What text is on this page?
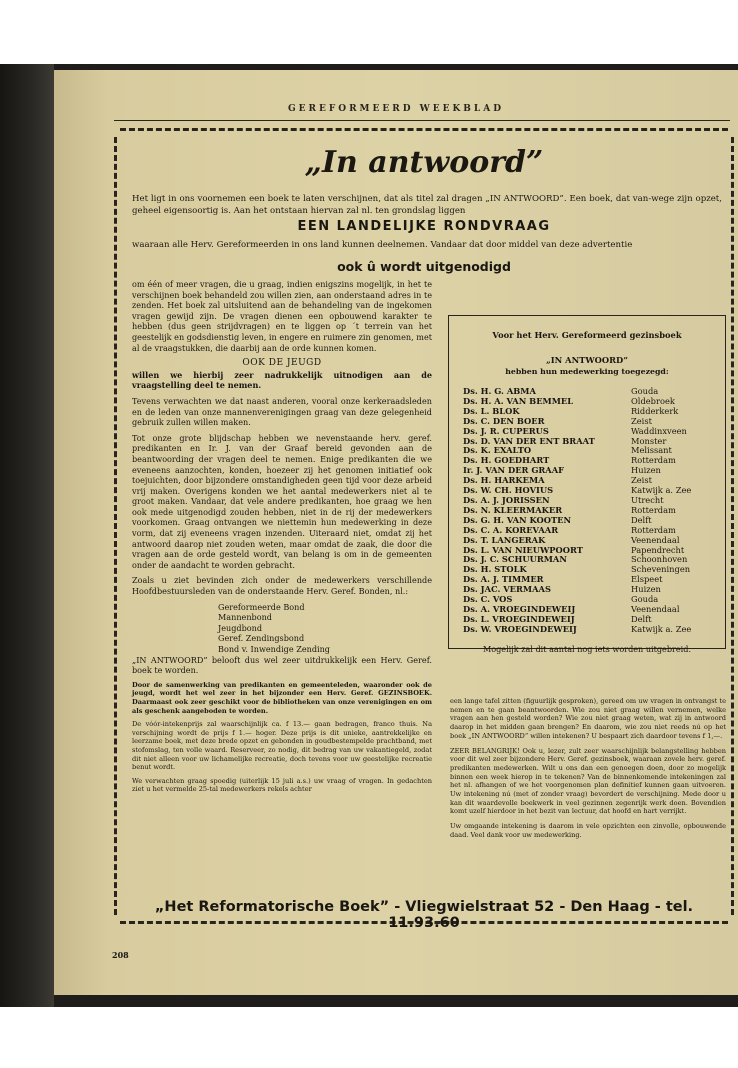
GEREFORMEERD WEEKBLAD
„In antwoord”
Het ligt in ons voornemen een boek te laten verschijnen, dat als titel zal dragen „IN ANTWOORD”. Een boek, dat van-wege zijn opzet, geheel eigensoortig is. Aan het ontstaan hiervan zal nl. ten grondslag liggen
EEN LANDELIJKE RONDVRAAG
waaraan alle Herv. Gereformeerden in ons land kunnen deelnemen. Vandaar dat door middel van deze advertentie
ook û wordt uitgenodigd

om één of meer vragen, die u graag, indien enigszins mogelijk, in het te verschijnen boek behandeld zou willen zien, aan onderstaand adres in te zenden. Het boek zal uitsluitend aan de behandeling van de ingekomen vragen gewijd zijn. De vragen dienen een opbouwend karakter te hebben (dus geen strijdvragen) en te liggen op ´t terrein van het geestelijk en godsdienstig leven, in engere en ruimere zin genomen, met al de vraagstukken, die daarbij aan de orde kunnen komen.

OOK DE JEUGD

willen we hierbij zeer nadrukkelijk uitnodigen aan de vraagstelling deel te nemen.

Tevens verwachten we dat naast anderen, vooral onze kerkeraadsleden en de leden van onze mannenverenigingen graag van deze gelegenheid gebruik zullen willen maken.

Tot onze grote blijdschap hebben we nevenstaande herv. geref. predikanten en Ir. J. van der Graaf bereid gevonden aan de beantwoording der vragen deel te nemen. Enige predikanten die we eveneens aanzochten, konden, hoezeer zij het genomen initiatief ook toejuichten, door bijzondere omstandigheden geen tijd voor deze arbeid vrij maken. Overigens konden we het aantal medewerkers niet al te groot maken. Vandaar, dat vele andere predikanten, hoe graag we hen ook mede uitgenodigd zouden hebben, niet in de rij der medewerkers voorkomen. Graag ontvangen we niettemin hun medewerking in deze vorm, dat zij eveneens vragen inzenden. Uiteraard niet, omdat zij het antwoord daarop niet zouden weten, maar omdat de zaak, die door die vragen aan de orde gesteld wordt, van belang is om in de gemeenten onder de aandacht te worden gebracht.

Zoals u ziet bevinden zich onder de medewerkers verschillende Hoofdbestuursleden van de onderstaande Herv. Geref. Bonden, nl.:

Gereformeerde Bond
Mannenbond
Jeugdbond
Geref. Zendingsbond
Bond v. Inwendige Zending

„IN ANTWOORD” belooft dus wel zeer uitdrukkelijk een Herv. Geref. boek te worden.

Door de samenwerking van predikanten en gemeenteleden, waaronder ook de jeugd, wordt het wel zeer in het bijzonder een Herv. Geref. GEZINSBOEK. Daarmaast ook zeer geschikt voor de bibliotheken van onze verenigingen en om als geschenk aangeboden te worden.

De vóór-intekenprijs zal waarschijnlijk ca. f 13.— gaan bedragen, franco thuis. Na verschijning wordt de prijs f 1.— hoger. Deze prijs is dit unieke, aantrekkelijke en leerzame boek, met deze brede opzet en gebonden in goudbestempelde prachtband, met stofomslag, ten volle waard. Reserveer, zo nodig, dit bedrag van uw vakantiegeld, zodat dit niet alleen voor uw lichamelijke recreatie, doch tevens voor uw geestelijke recreatie benut wordt.

We verwachten graag spoedig (uiterlijk 15 juli a.s.) uw vraag of vragen. In gedachten ziet u het vermelde 25-tal medewerkers rekels achter

Voor het Herv. Gereformeerd gezinsboek
„IN ANTWOORD”
hebben hun medewerking toegezegd:
Ds. H. G. ABMA	Gouda
Ds. H. A. VAN BEMMEL	Oldebroek
Ds. L. BLOK	Ridderkerk
Ds. C. DEN BOER	Zeist
Ds. J. R. CUPERUS	Waddinxveen
Ds. D. VAN DER ENT BRAAT	Monster
Ds. K. EXALTO	Melissant
Ds. H. GOEDHART	Rotterdam
Ir. J. VAN DER GRAAF	Huizen
Ds. H. HARKEMA	Zeist
Ds. W. CH. HOVIUS	Katwijk a. Zee
Ds. A. J. JORISSEN	Utrecht
Ds. N. KLEERMAKER	Rotterdam
Ds. G. H. VAN KOOTEN	Delft
Ds. C. A. KOREVAAR	Rotterdam
Ds. T. LANGERAK	Veenendaal
Ds. L. VAN NIEUWPOORT	Papendrecht
Ds. J. C. SCHUURMAN	Schoonhoven
Ds. H. STOLK	Scheveningen
Ds. A. J. TIMMER	Elspeet
Ds. JAC. VERMAAS	Huizen
Ds. C. VOS	Gouda
Ds. A. VROEGINDEWEIJ	Veenendaal
Ds. L. VROEGINDEWEIJ	Delft
Ds. W. VROEGINDEWEIJ	Katwijk a. Zee
Mogelijk zal dit aantal nog iets worden uitgebreid.

een lange tafel zitten (figuurlijk gesproken), gereed om uw vragen in ontvangst te nemen en te gaan beantwoorden. Wie zou niet graag willen vernemen, welke vragen aan hen gesteld worden? Wie zou niet graag weten, wat zij in antwoord daarop in het midden gaan brengen? En daarom, wie zou niet reeds nú op het boek „IN ANTWOORD” willen intekenen? U bespaart zich daardoor tevens f 1,—.

ZEER BELANGRIJK! Ook u, lezer, zult zeer waarschijnlijk belangstelling hebben voor dit wel zeer bijzondere Herv. Geref. gezinsboek, waaraan zovele herv. geref. predikanten medewerken. Wilt u ons dan een genoegen doen, door zo mogelijk binnen een week hierop in te tekenen? Van de binnenkomende intekeningen zal het nl. afhangen of we het voorgenomen plan definitief kunnen gaan uitvoeren. Uw intekening nú (met of zonder vraag) bevordert de verschijning. Mede door u kan dit waardevolle boekwerk in veel gezinnen zegenrijk werk doen. Bovendien komt uzelf hierdoor in het bezit van lectuur, dat hoofd en hart verrijkt.

Uw omgaande intekening is daarom in vele opzichten een zinvolle, opbouwende daad. Veel dank voor uw medewerking.

„Het Reformatorische Boek” - Vliegwielstraat 52 - Den Haag - tel. 11.93.60
208
